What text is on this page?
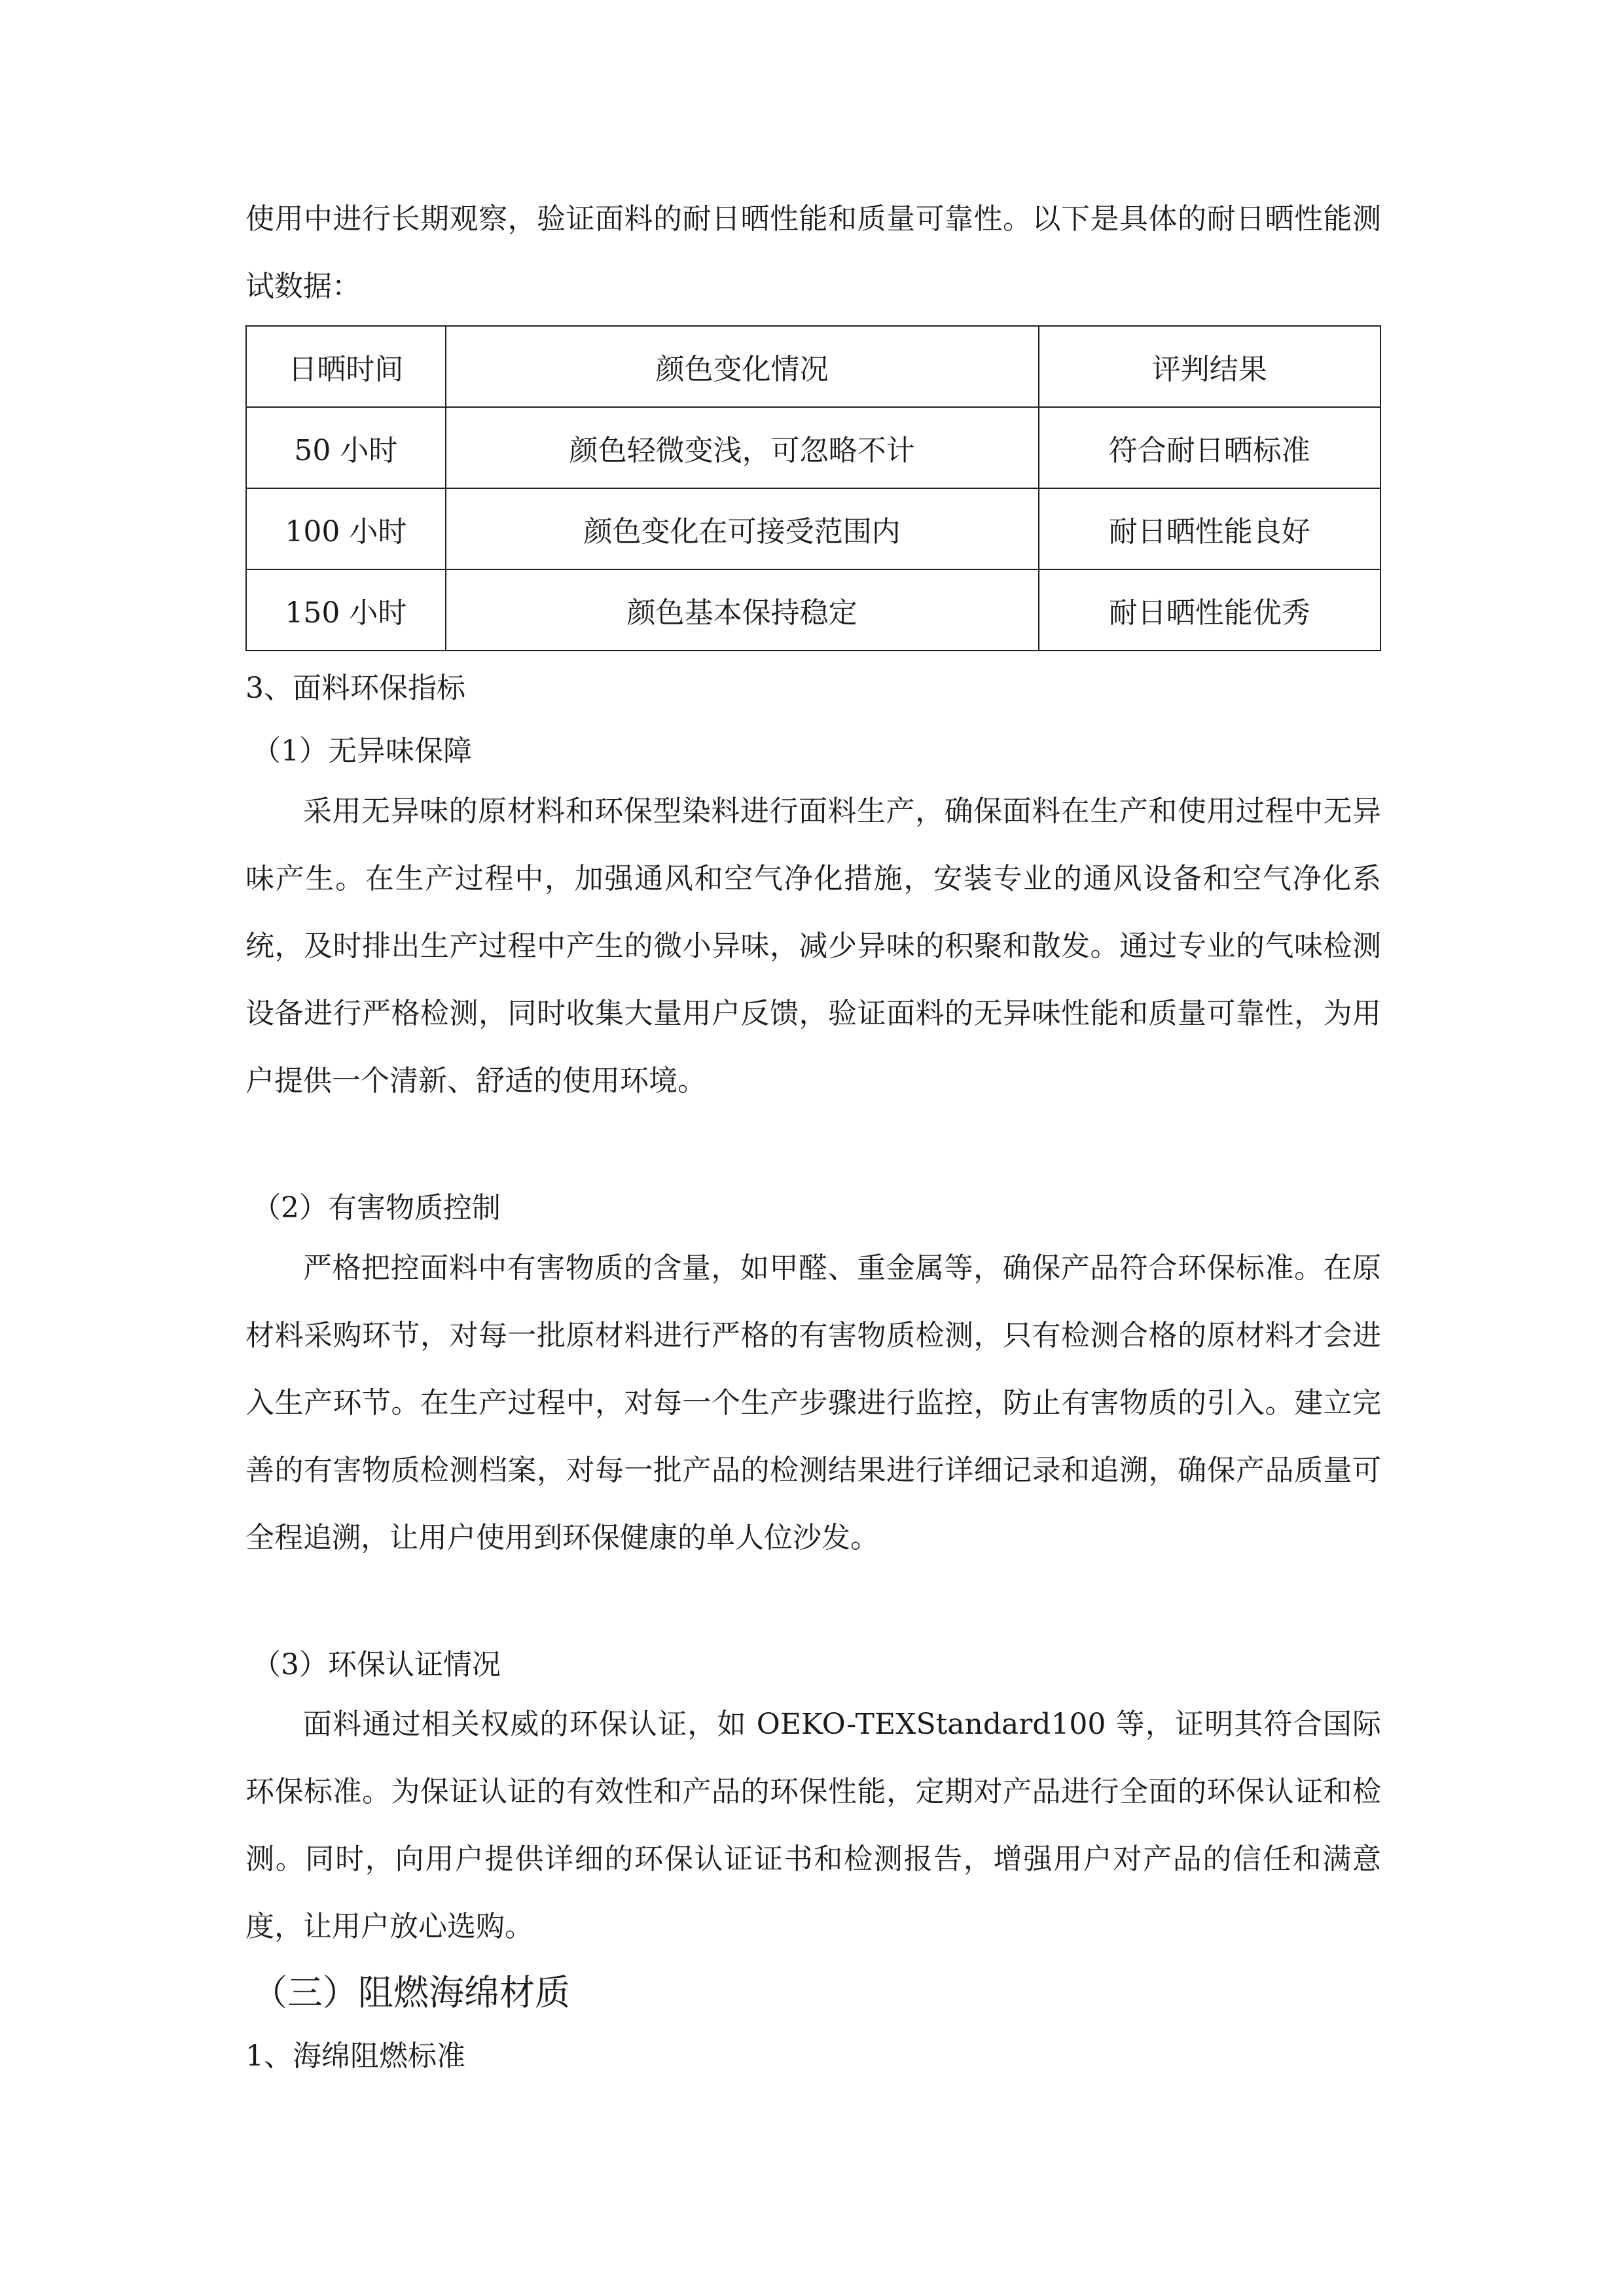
使用中进行长期观察，验证面料的耐日晒性能和质量可靠性。以下是具体的耐日晒性能测试数据：

日晒时间	颜色变化情况	评判结果
50 小时	颜色轻微变浅，可忽略不计	符合耐日晒标准
100 小时	颜色变化在可接受范围内	耐日晒性能良好
150 小时	颜色基本保持稳定	耐日晒性能优秀

3、面料环保指标

（1）无异味保障

采用无异味的原材料和环保型染料进行面料生产，确保面料在生产和使用过程中无异味产生。在生产过程中，加强通风和空气净化措施，安装专业的通风设备和空气净化系统，及时排出生产过程中产生的微小异味，减少异味的积聚和散发。通过专业的气味检测设备进行严格检测，同时收集大量用户反馈，验证面料的无异味性能和质量可靠性，为用户提供一个清新、舒适的使用环境。

（2）有害物质控制

严格把控面料中有害物质的含量，如甲醛、重金属等，确保产品符合环保标准。在原材料采购环节，对每一批原材料进行严格的有害物质检测，只有检测合格的原材料才会进入生产环节。在生产过程中，对每一个生产步骤进行监控，防止有害物质的引入。建立完善的有害物质检测档案，对每一批产品的检测结果进行详细记录和追溯，确保产品质量可全程追溯，让用户使用到环保健康的单人位沙发。

（3）环保认证情况

面料通过相关权威的环保认证，如 OEKO-TEXStandard100 等，证明其符合国际环保标准。为保证认证的有效性和产品的环保性能，定期对产品进行全面的环保认证和检测。同时，向用户提供详细的环保认证证书和检测报告，增强用户对产品的信任和满意度，让用户放心选购。

（三）阻燃海绵材质

1、海绵阻燃标准
